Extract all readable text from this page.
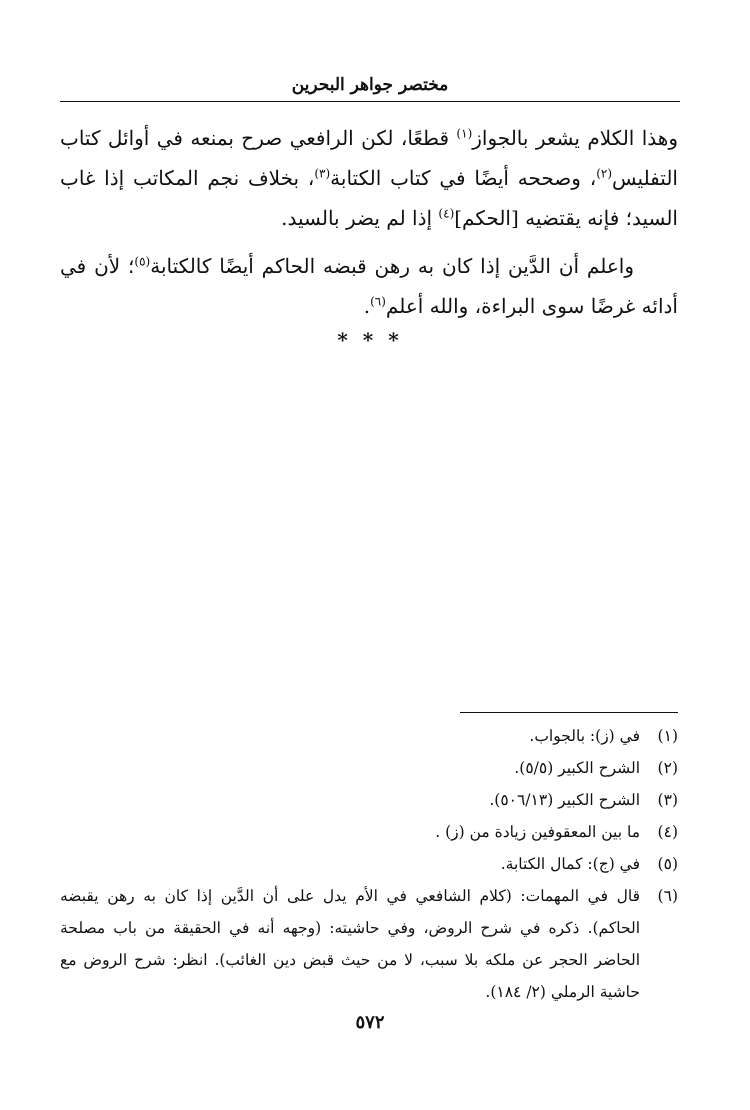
مختصر جواهر البحرين

وهذا الكلام يشعر بالجواز$^{(١)}$ قطعًا، لكن الرافعي صرح بمنعه في أوائل كتاب التفليس$^{(٢)}$، وصححه أيضًا في كتاب الكتابة$^{(٣)}$، بخلاف نجم المكاتب إذا غاب السيد؛ فإنه يقتضيه [الحكم]$^{(٤)}$ إذا لم يضر بالسيد.

واعلم أن الدَّين إذا كان به رهن قبضه الحاكم أيضًا كالكتابة$^{(٥)}$؛ لأن في أدائه غرضًا سوى البراءة، والله أعلم$^{(٦)}$.

* * *
(١)
في (ز): بالجواب.
(٢)
الشرح الكبير (٥/٥).
(٣)
الشرح الكبير (٥٠٦/١٣).
(٤)
ما بين المعقوفين زيادة من (ز) .
(٥)
في (ج): كمال الكتابة.
(٦)
قال في المهمات: (كلام الشافعي في الأم يدل على أن الدَّين إذا كان به رهن يقبضه الحاكم). ذكره في شرح الروض، وفي حاشيته: (وجهه أنه في الحقيقة من باب مصلحة الحاضر الحجر عن ملكه بلا سبب، لا من حيث قبض دين الغائب). انظر: شرح الروض مع حاشية الرملي (٢/ ١٨٤).
٥٧٢
